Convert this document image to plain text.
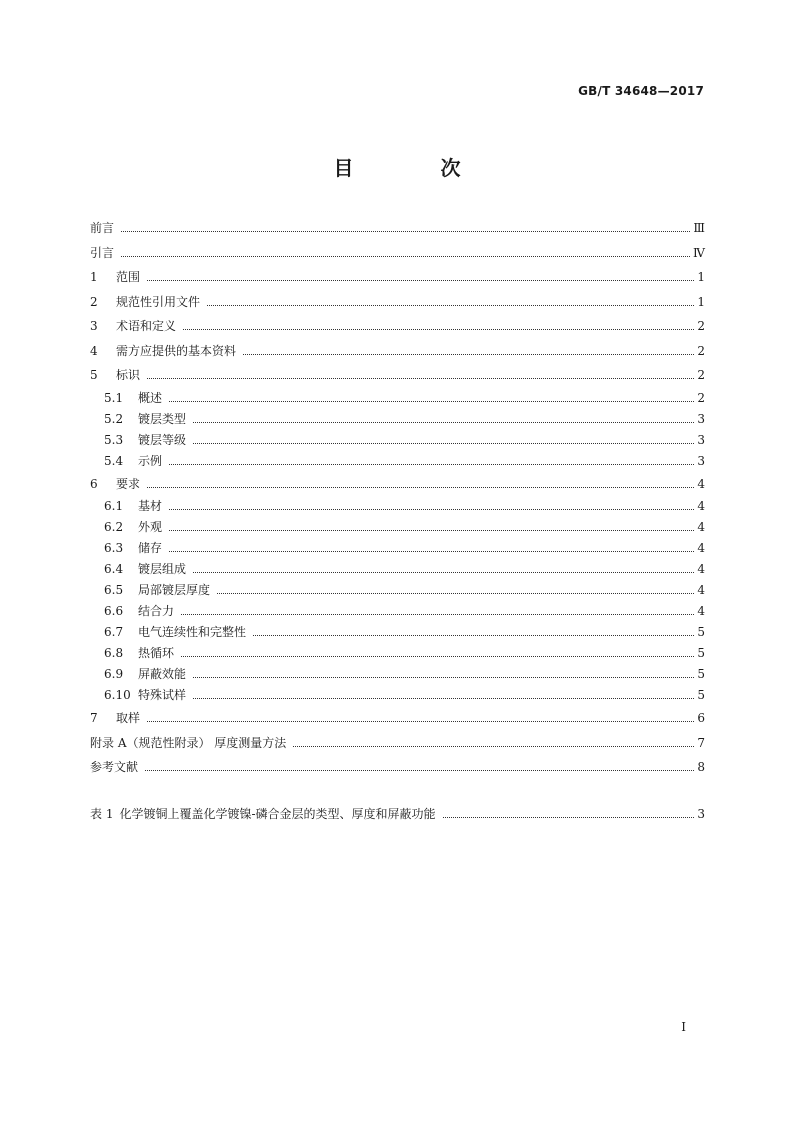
GB/T 34648—2017
目 次
前言	Ⅲ
引言	Ⅳ
1	范围	1
2	规范性引用文件	1
3	术语和定义	2
4	需方应提供的基本资料	2
5	标识	2
5.1	概述	2
5.2	镀层类型	3
5.3	镀层等级	3
5.4	示例	3
6	要求	4
6.1	基材	4
6.2	外观	4
6.3	储存	4
6.4	镀层组成	4
6.5	局部镀层厚度	4
6.6	结合力	4
6.7	电气连续性和完整性	5
6.8	热循环	5
6.9	屏蔽效能	5
6.10 特殊试样	5
7	取样	6
附录 A（规范性附录） 厚度测量方法	7
参考文献	8
表 1 化学镀铜上覆盖化学镀镍-磷合金层的类型、厚度和屏蔽功能	3
I
